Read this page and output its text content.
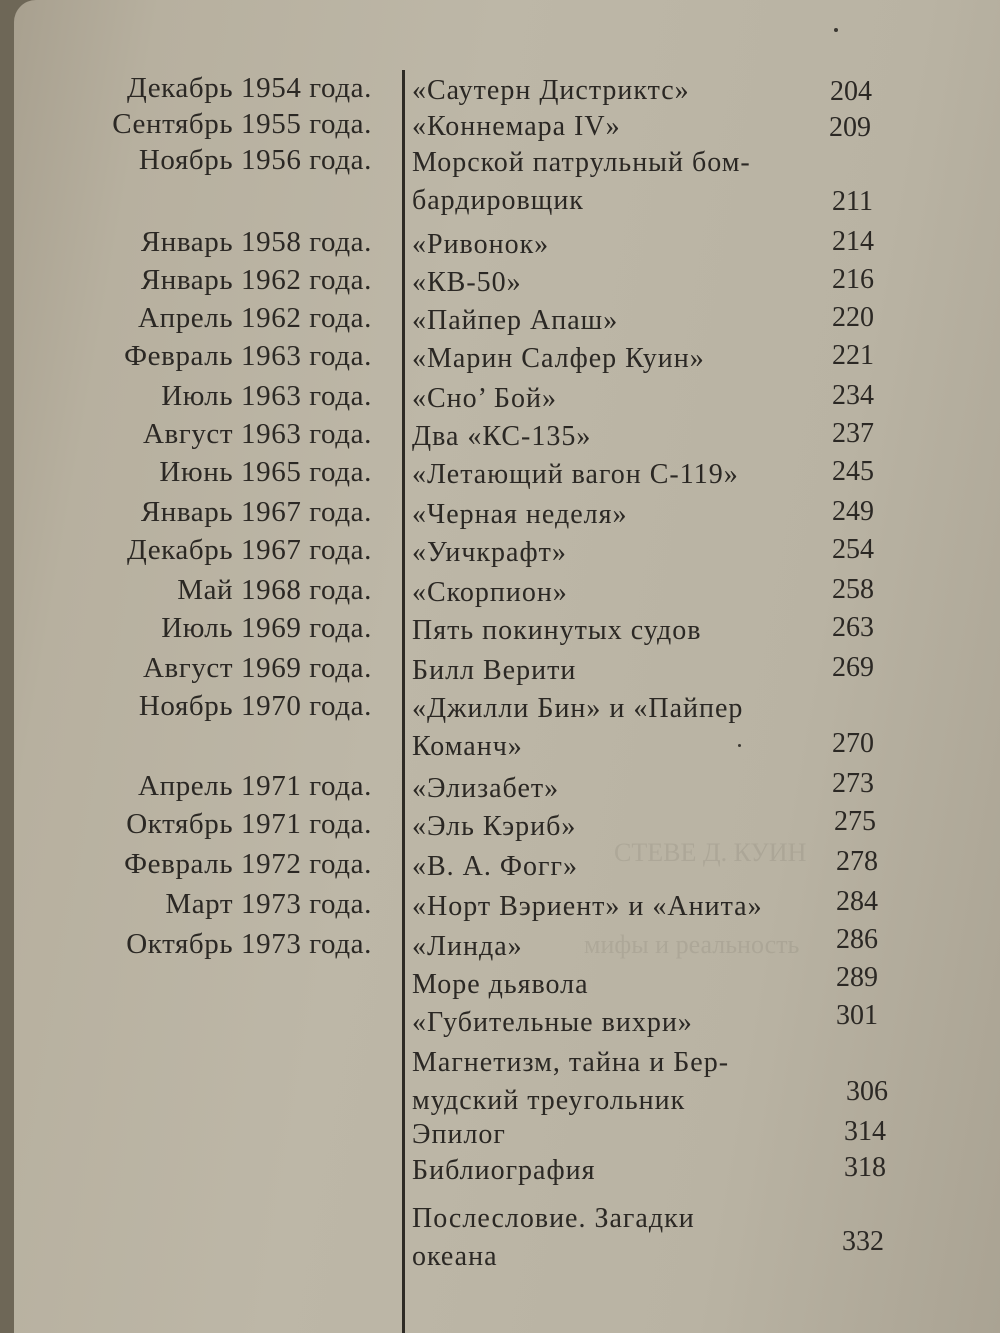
СТЕВЕ Д. КУИН
мифы и реальность
Декабрь 1954 года. «Саутерн Дистриктс»	204
Сентябрь 1955 года. «Коннемара IV»	209
Ноябрь 1956 года. Морской патрульный бом-
бардировщик	211
Январь 1958 года. «Ривонок»	214
Январь 1962 года. «КВ-50»	216
Апрель 1962 года. «Пайпер Апаш»	220
Февраль 1963 года. «Марин Салфер Куин»	221
Июль 1963 года. «Сно’ Бой»	234
Август 1963 года. Два «КС-135»	237
Июнь 1965 года. «Летающий вагон С-119»	245
Январь 1967 года. «Черная неделя»	249
Декабрь 1967 года. «Уичкрафт»	254
Май 1968 года. «Скорпион»	258
Июль 1969 года. Пять покинутых судов	263
Август 1969 года. Билл Верити	269
Ноябрь 1970 года. «Джилли Бин» и «Пайпер
Команч»	270
Апрель 1971 года. «Элизабет»	273
Октябрь 1971 года. «Эль Кэриб»	275
Февраль 1972 года. «В. А. Фогг»	278
Март 1973 года. «Норт Вэриент» и «Анита»	284
Октябрь 1973 года. «Линда»	286
Море дьявола	289
«Губительные вихри»	301
Магнетизм, тайна и Бер-
мудский треугольник	306
Эпилог	314
Библиография	318
Послесловие. Загадки
океана	332
